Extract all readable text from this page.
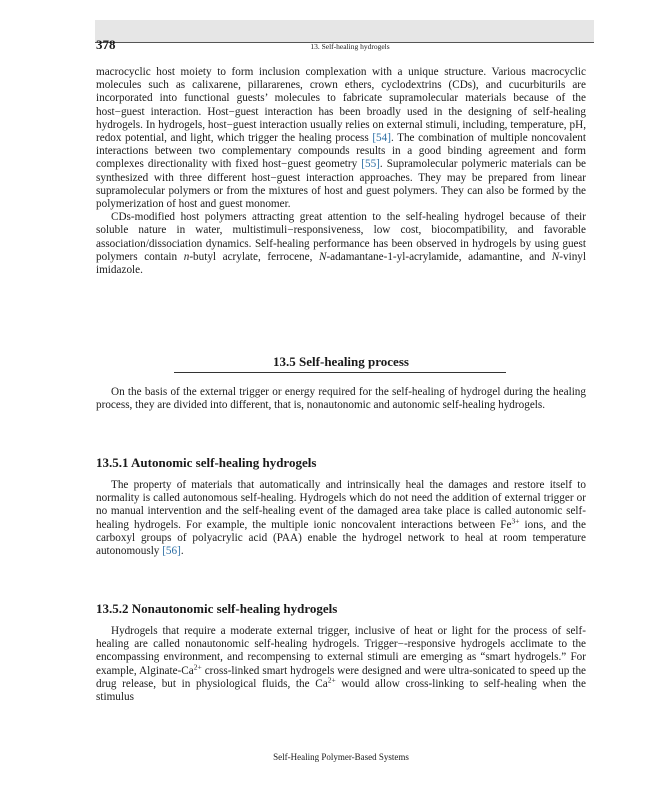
378	13. Self-healing hydrogels

macrocyclic host moiety to form inclusion complexation with a unique structure. Various macrocyclic molecules such as calixarene, pillararenes, crown ethers, cyclodextrins (CDs), and cucurbiturils are incorporated into functional guests’ molecules to fabricate supramolecular materials because of the host−guest interaction. Host−guest interaction has been broadly used in the designing of self-healing hydrogels. In hydrogels, host−guest interaction usually relies on external stimuli, including, temperature, pH, redox potential, and light, which trigger the healing process [54]. The combination of multiple noncovalent interactions between two complementary compounds results in a good binding agreement and form complexes directionality with fixed host−guest geometry [55]. Supramolecular polymeric materials can be synthesized with three different host−guest interaction approaches. They may be prepared from linear supramolecular polymers or from the mixtures of host and guest polymers. They can also be formed by the polymerization of host and guest monomer.

CDs-modified host polymers attracting great attention to the self-healing hydrogel because of their soluble nature in water, multistimuli−responsiveness, low cost, biocompatibility, and favorable association/dissociation dynamics. Self-healing performance has been observed in hydrogels by using guest polymers contain n-butyl acrylate, ferrocene, N-adamantane-1-yl-acrylamide, adamantine, and N-vinyl imidazole.

13.5 Self-healing process

On the basis of the external trigger or energy required for the self-healing of hydrogel during the healing process, they are divided into different, that is, nonautonomic and autonomic self-healing hydrogels.

13.5.1 Autonomic self-healing hydrogels

The property of materials that automatically and intrinsically heal the damages and restore itself to normality is called autonomous self-healing. Hydrogels which do not need the addition of external trigger or no manual intervention and the self-healing event of the damaged area take place is called autonomic self-healing hydrogels. For example, the multiple ionic noncovalent interactions between $Fe^{3+}$ ions, and the carboxyl groups of polyacrylic acid (PAA) enable the hydrogel network to heal at room temperature autonomously [56].

13.5.2 Nonautonomic self-healing hydrogels

Hydrogels that require a moderate external trigger, inclusive of heat or light for the process of self-healing are called nonautonomic self-healing hydrogels. Trigger−-responsive hydrogels acclimate to the encompassing environment, and recompensing to external stimuli are emerging as “smart hydrogels.” For example, Alginate-$Ca^{2+}$ cross-linked smart hydrogels were designed and were ultra-sonicated to speed up the drug release, but in physiological fluids, the $Ca^{2+}$ would allow cross-linking to self-healing when the stimulus

Self-Healing Polymer-Based Systems
